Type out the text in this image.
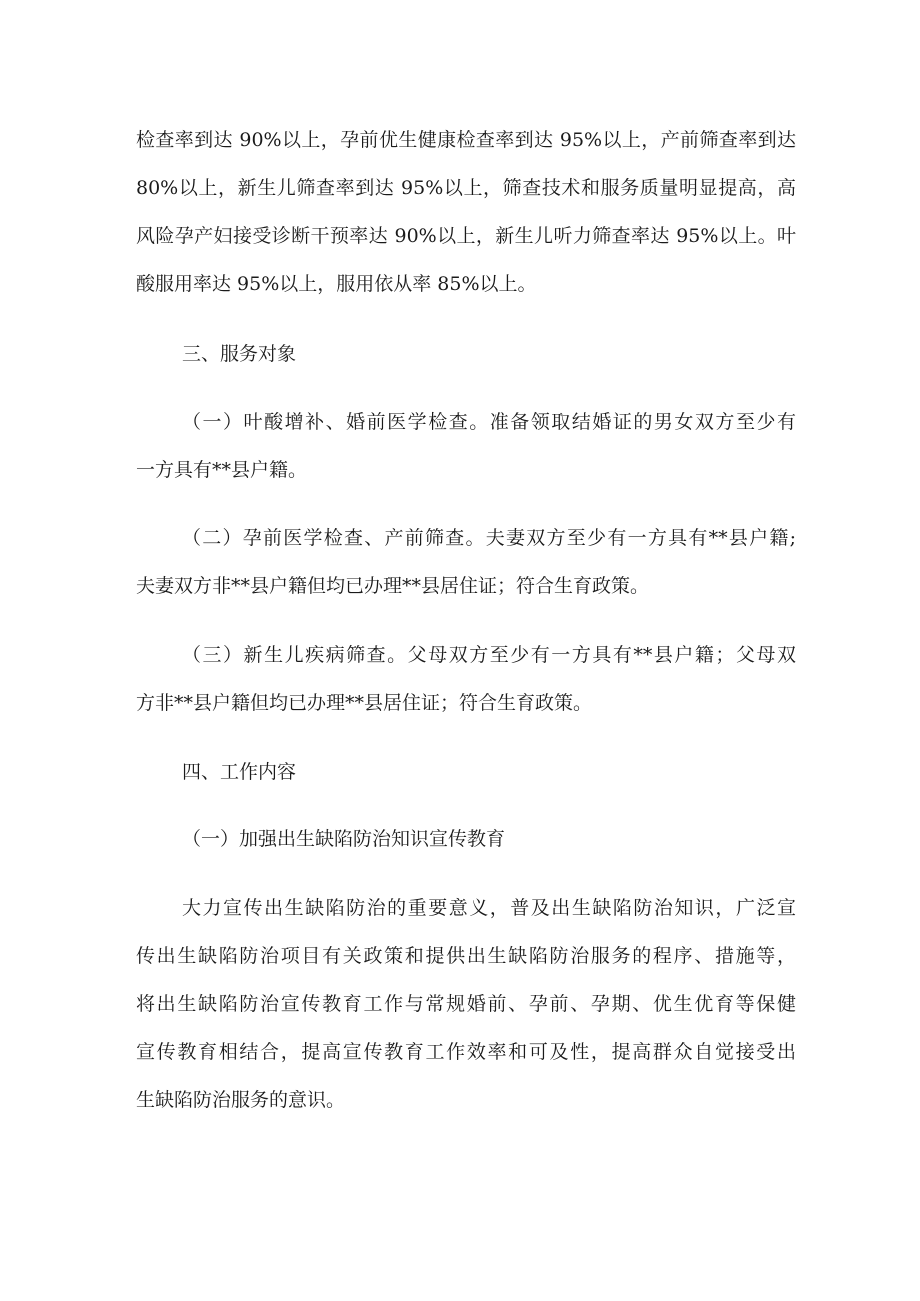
检查率到达 90%以上，孕前优生健康检查率到达 95%以上，产前筛查率到达
80%以上，新生儿筛查率到达 95%以上，筛查技术和服务质量明显提高，高
风险孕产妇接受诊断干预率达 90%以上，新生儿听力筛查率达 95%以上。叶
酸服用率达 95%以上，服用依从率 85%以上。
三、服务对象
（一）叶酸增补、婚前医学检查。准备领取结婚证的男女双方至少有
一方具有**县户籍。
（二）孕前医学检查、产前筛查。夫妻双方至少有一方具有**县户籍;
夫妻双方非**县户籍但均已办理**县居住证；符合生育政策。
（三）新生儿疾病筛查。父母双方至少有一方具有**县户籍；父母双
方非**县户籍但均已办理**县居住证；符合生育政策。
四、工作内容
（一）加强出生缺陷防治知识宣传教育
大力宣传出生缺陷防治的重要意义，普及出生缺陷防治知识，广泛宣
传出生缺陷防治项目有关政策和提供出生缺陷防治服务的程序、措施等，
将出生缺陷防治宣传教育工作与常规婚前、孕前、孕期、优生优育等保健
宣传教育相结合，提高宣传教育工作效率和可及性，提高群众自觉接受出
生缺陷防治服务的意识。
